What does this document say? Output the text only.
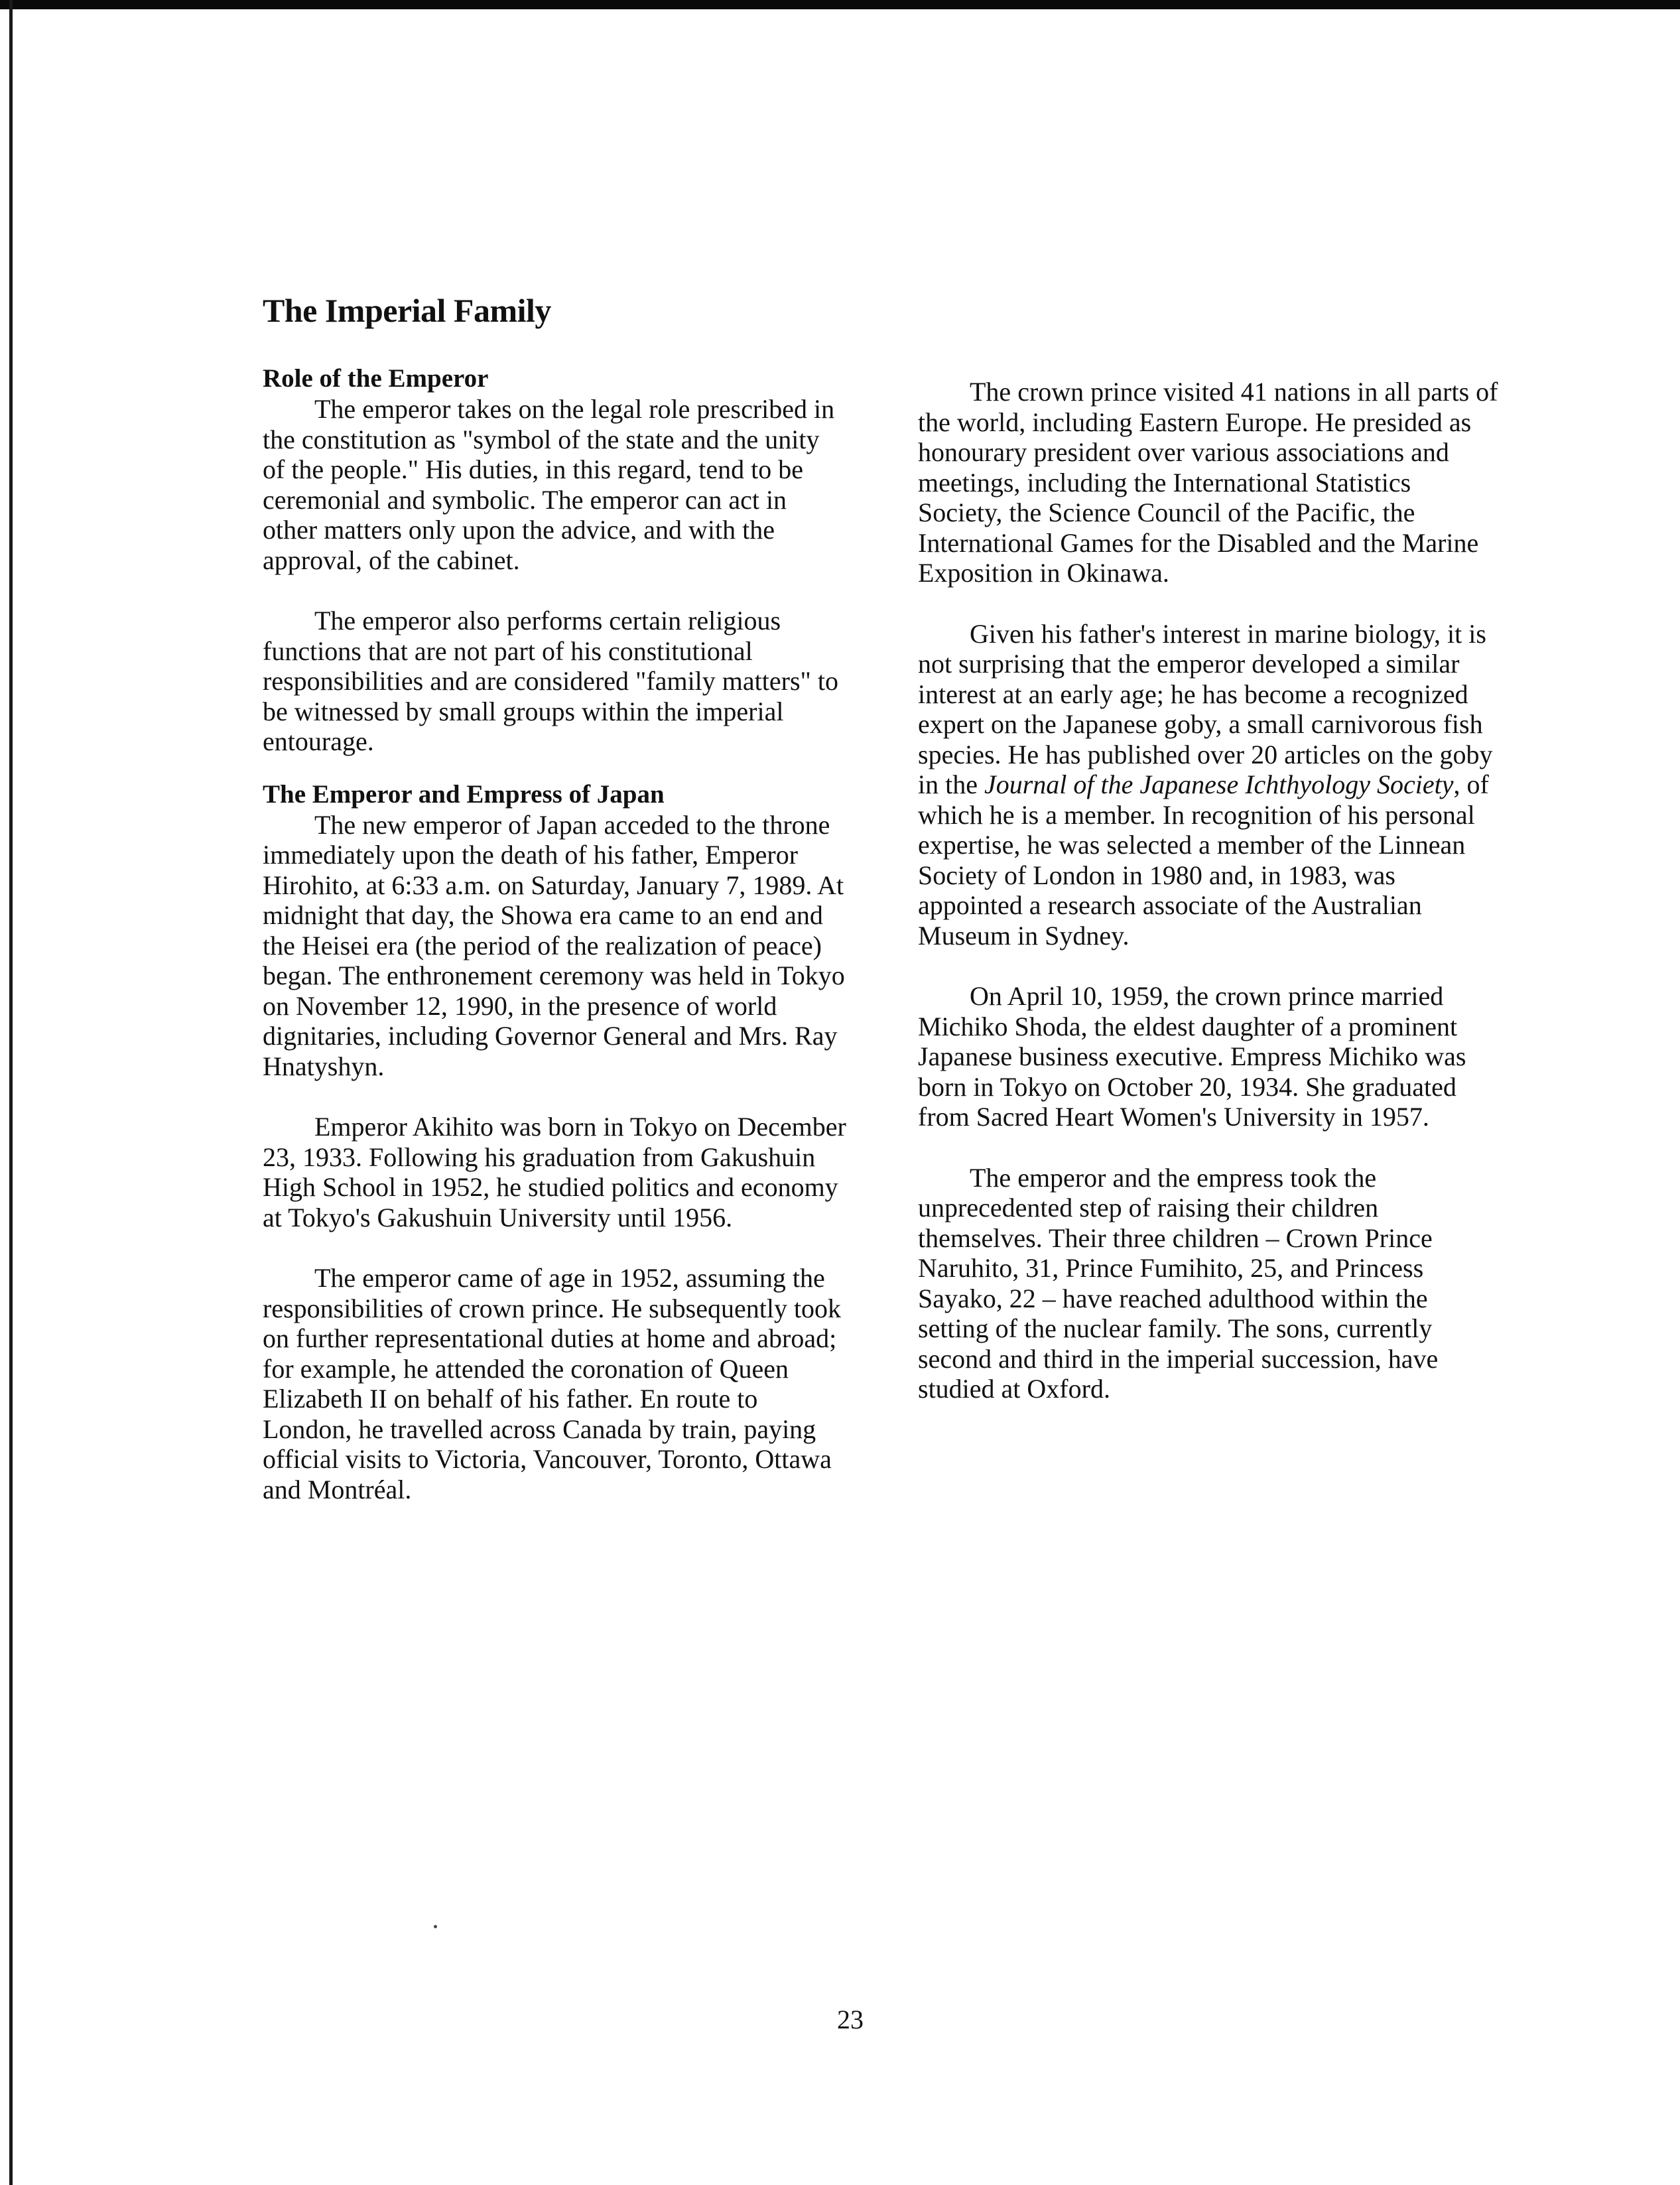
The Imperial Family
Role of the Emperor

The emperor takes on the legal role prescribed in the constitution as "symbol of the state and the unity of the people." His duties, in this regard, tend to be ceremonial and symbolic. The emperor can act in other matters only upon the advice, and with the approval, of the cabinet.

The emperor also performs certain religious functions that are not part of his constitutional responsibilities and are considered "family matters" to be witnessed by small groups within the imperial entourage.

The Emperor and Empress of Japan

The new emperor of Japan acceded to the throne immediately upon the death of his father, Emperor Hirohito, at 6:33 a.m. on Saturday, January 7, 1989. At midnight that day, the Showa era came to an end and the Heisei era (the period of the realization of peace) began. The enthronement ceremony was held in Tokyo on November 12, 1990, in the presence of world dignitaries, including Governor General and Mrs. Ray Hnatyshyn.

Emperor Akihito was born in Tokyo on December 23, 1933. Following his graduation from Gakushuin High School in 1952, he studied politics and economy at Tokyo's Gakushuin University until 1956.

The emperor came of age in 1952, assuming the responsibilities of crown prince. He subsequently took on further representational duties at home and abroad; for example, he attended the coronation of Queen Elizabeth II on behalf of his father. En route to London, he travelled across Canada by train, paying official visits to Victoria, Vancouver, Toronto, Ottawa and Montréal.

The crown prince visited 41 nations in all parts of the world, including Eastern Europe. He presided as honourary president over various associations and meetings, including the International Statistics Society, the Science Council of the Pacific, the International Games for the Disabled and the Marine Exposition in Okinawa.

Given his father's interest in marine biology, it is not surprising that the emperor developed a similar interest at an early age; he has become a recognized expert on the Japanese goby, a small carnivorous fish species. He has published over 20 articles on the goby in the Journal of the Japanese Ichthyology Society, of which he is a member. In recognition of his personal expertise, he was selected a member of the Linnean Society of London in 1980 and, in 1983, was appointed a research associate of the Australian Museum in Sydney.

On April 10, 1959, the crown prince married Michiko Shoda, the eldest daughter of a prominent Japanese business executive. Empress Michiko was born in Tokyo on October 20, 1934. She graduated from Sacred Heart Women's University in 1957.

The emperor and the empress took the unprecedented step of raising their children themselves. Their three children – Crown Prince Naruhito, 31, Prince Fumihito, 25, and Princess Sayako, 22 – have reached adulthood within the setting of the nuclear family. The sons, currently second and third in the imperial succession, have studied at Oxford.

23
